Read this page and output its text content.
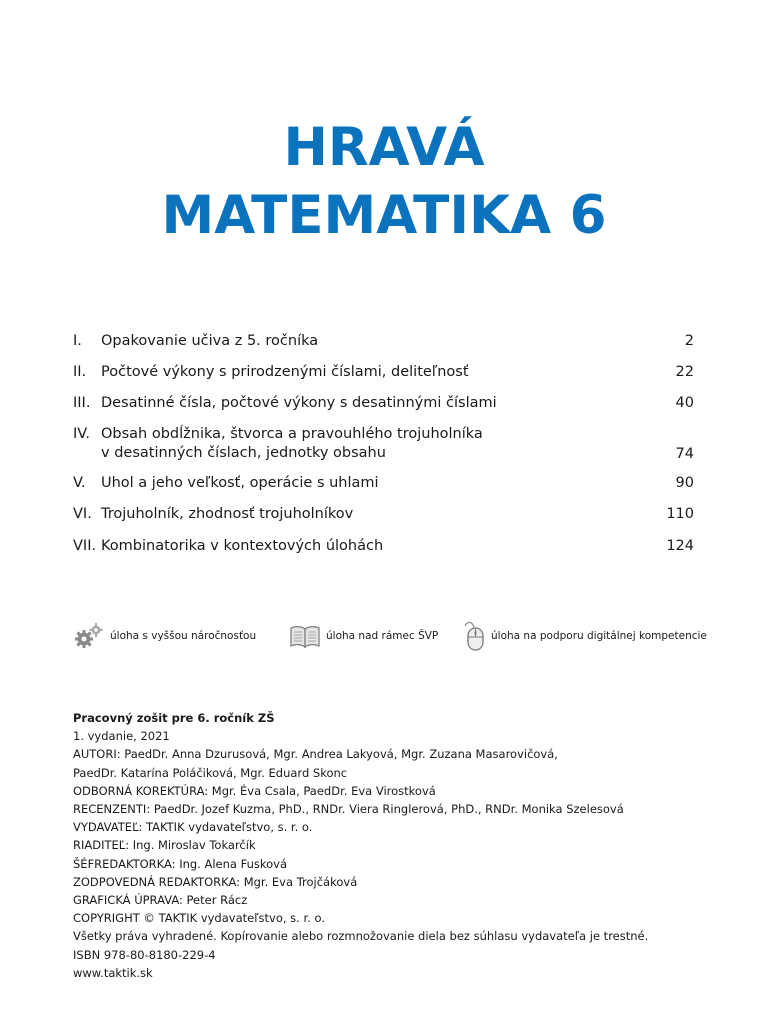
HRAVÁ
MATEMATIKA 6
I. Opakovanie učiva z 5. ročníka	2
II. Počtové výkony s prirodzenými číslami, deliteľnosť	22
III. Desatinné čísla, počtové výkony s desatinnými číslami	40
IV. Obsah obdĺžnika, štvorca a pravouhlého trojuholníka
v desatinných číslach, jednotky obsahu	74
V. Uhol a jeho veľkosť, operácie s uhlami	90
VI. Trojuholník, zhodnosť trojuholníkov	110
VII. Kombinatorika v kontextových úlohách	124
úloha s vyššou náročnosťou	úloha nad rámec ŠVP	úloha na podporu digitálnej kompetencie
Pracovný zošit pre 6. ročník ZŠ
1. vydanie, 2021
AUTORI: PaedDr. Anna Dzurusová, Mgr. Andrea Lakyová, Mgr. Zuzana Masarovičová,
PaedDr. Katarína Poláčiková, Mgr. Eduard Skonc
ODBORNÁ KOREKTÚRA: Mgr. Éva Csala, PaedDr. Eva Virostková
RECENZENTI: PaedDr. Jozef Kuzma, PhD., RNDr. Viera Ringlerová, PhD., RNDr. Monika Szelesová
VYDAVATEĽ: TAKTIK vydavateľstvo, s. r. o.
RIADITEĽ: Ing. Miroslav Tokarčík
ŠÉFREDAKTORKA: Ing. Alena Fusková
ZODPOVEDNÁ REDAKTORKA: Mgr. Eva Trojčáková
GRAFICKÁ ÚPRAVA: Peter Rácz
COPYRIGHT © TAKTIK vydavateľstvo, s. r. o.
Všetky práva vyhradené. Kopírovanie alebo rozmnožovanie diela bez súhlasu vydavateľa je trestné.
ISBN 978-80-8180-229-4
www.taktik.sk
